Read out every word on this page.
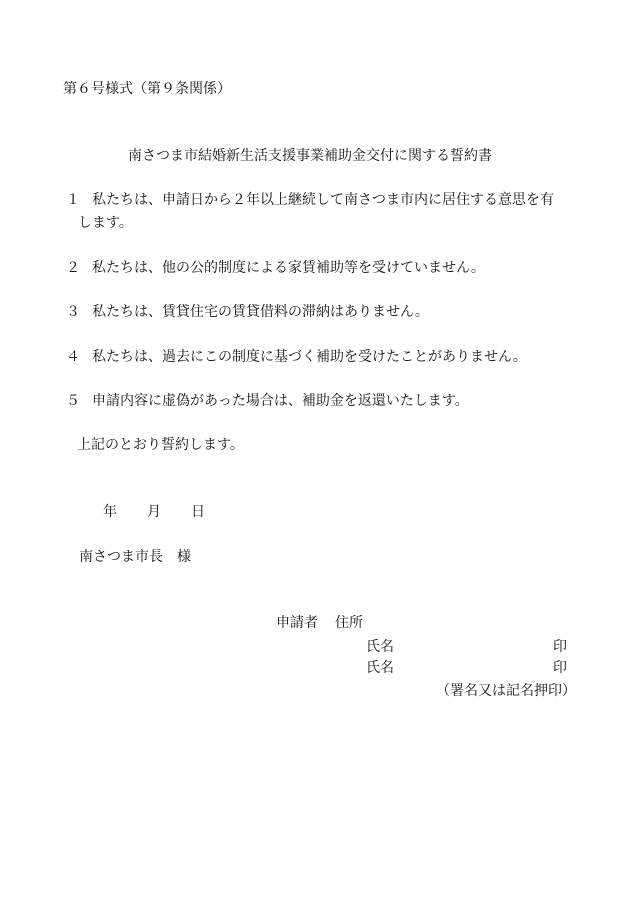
第６号様式（第９条関係）

南さつま市結婚新生活支援事業補助金交付に関する誓約書

１ 私たちは、申請日から２年以上継続して南さつま市内に居住する意思を有
します。
２ 私たちは、他の公的制度による家賃補助等を受けていません。
３ 私たちは、賃貸住宅の賃貸借料の滞納はありません。
４ 私たちは、過去にこの制度に基づく補助を受けたことがありません。
５ 申請内容に虚偽があった場合は、補助金を返還いたします。

上記のとおり誓約します。

年 月 日

南さつま市長　様

申請者 住所
氏名	印
氏名	印
（署名又は記名押印）
